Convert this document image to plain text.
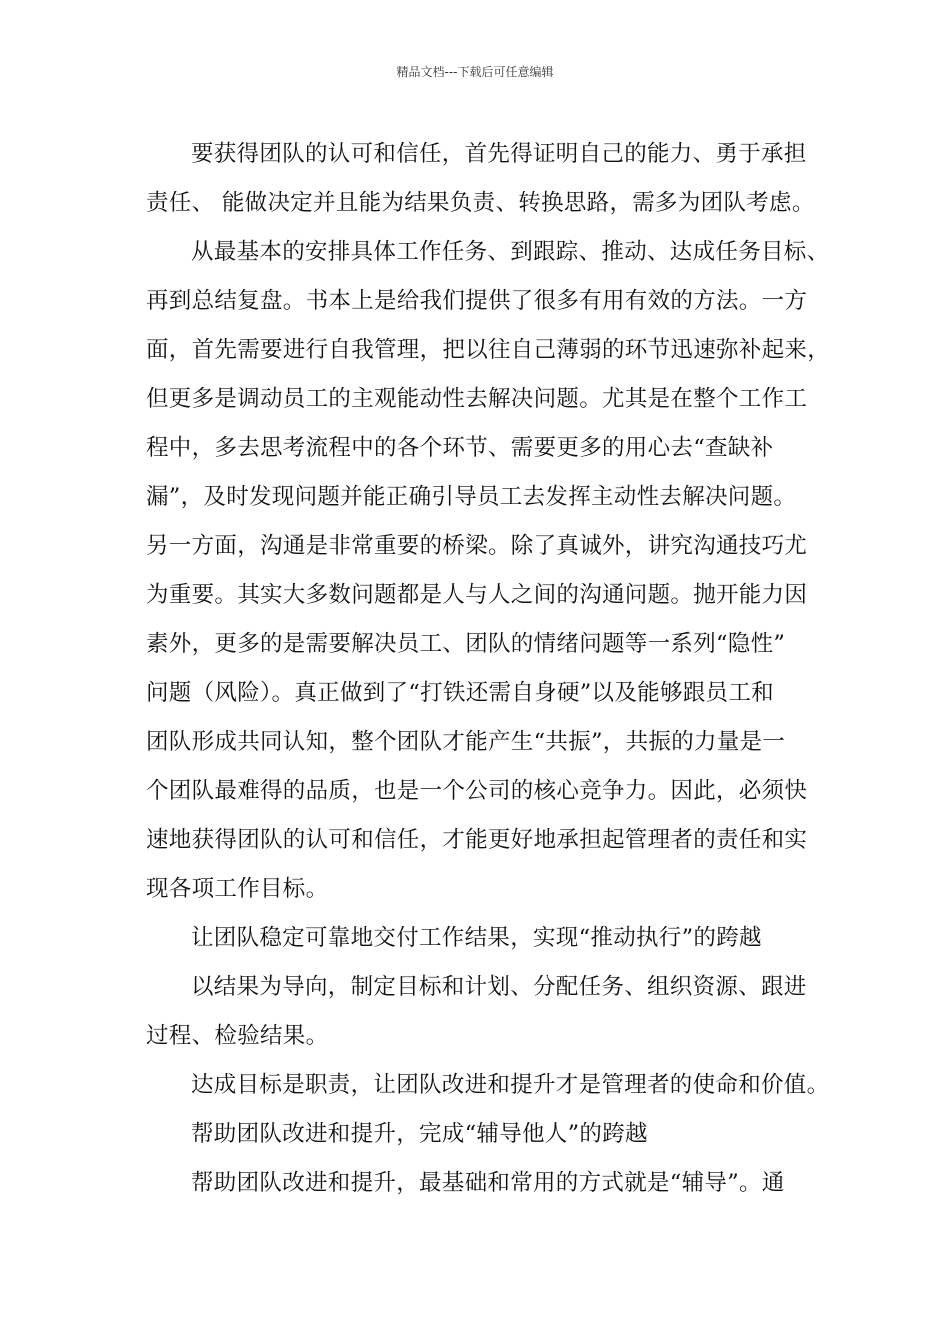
精品文档---下载后可任意编辑
要获得团队的认可和信任，首先得证明自己的能力、勇于承担
责任、 能做决定并且能为结果负责、转换思路，需多为团队考虑。
从最基本的安排具体工作任务、到跟踪、推动、达成任务目标、
再到总结复盘。书本上是给我们提供了很多有用有效的方法。一方
面，首先需要进行自我管理，把以往自己薄弱的环节迅速弥补起来，
但更多是调动员工的主观能动性去解决问题。尤其是在整个工作工
程中，多去思考流程中的各个环节、需要更多的用心去“查缺补
漏”，及时发现问题并能正确引导员工去发挥主动性去解决问题。
另一方面，沟通是非常重要的桥梁。除了真诚外，讲究沟通技巧尤
为重要。其实大多数问题都是人与人之间的沟通问题。抛开能力因
素外，更多的是需要解决员工、团队的情绪问题等一系列“隐性”
问题（风险）。真正做到了“打铁还需自身硬”以及能够跟员工和
团队形成共同认知，整个团队才能产生“共振”，共振的力量是一
个团队最难得的品质，也是一个公司的核心竞争力。因此，必须快
速地获得团队的认可和信任，才能更好地承担起管理者的责任和实
现各项工作目标。
让团队稳定可靠地交付工作结果，实现“推动执行”的跨越
以结果为导向，制定目标和计划、分配任务、组织资源、跟进
过程、检验结果。
达成目标是职责，让团队改进和提升才是管理者的使命和价值。
帮助团队改进和提升，完成“辅导他人”的跨越
帮助团队改进和提升，最基础和常用的方式就是“辅导”。通
